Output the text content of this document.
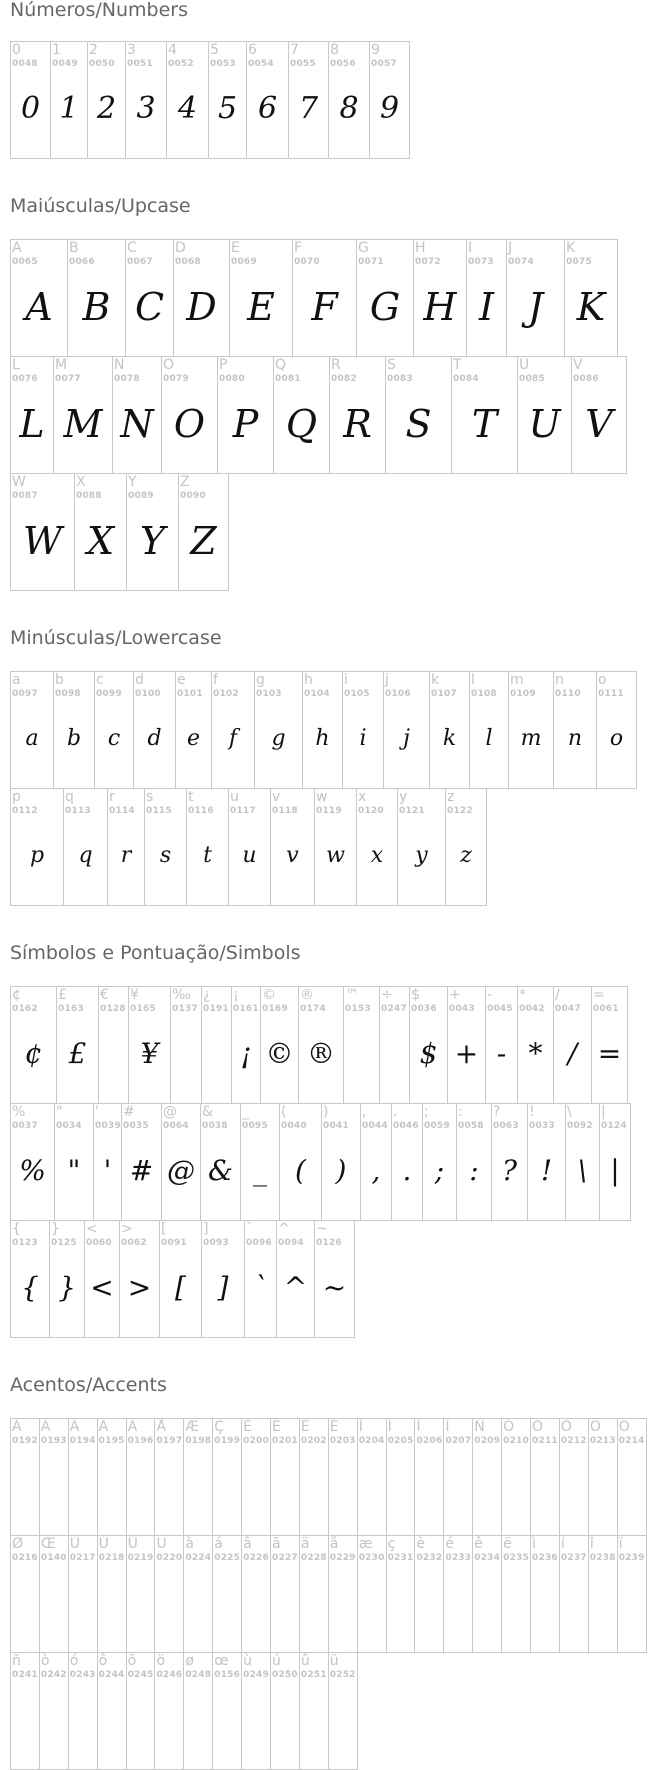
Números/Numbers
0
0048
0
1
0049
1
2
0050
2
3
0051
3
4
0052
4
5
0053
5
6
0054
6
7
0055
7
8
0056
8
9
0057
9
Maiúsculas/Upcase
A
0065
A
B
0066
B
C
0067
C
D
0068
D
E
0069
E
F
0070
F
G
0071
G
H
0072
H
I
0073
I
J
0074
J
K
0075
K
L
0076
L
M
0077
M
N
0078
N
O
0079
O
P
0080
P
Q
0081
Q
R
0082
R
S
0083
S
T
0084
T
U
0085
U
V
0086
V
W
0087
W
X
0088
X
Y
0089
Y
Z
0090
Z
Minúsculas/Lowercase
a
0097
a
b
0098
b
c
0099
c
d
0100
d
e
0101
e
f
0102
f
g
0103
g
h
0104
h
i
0105
i
j
0106
j
k
0107
k
l
0108
l
m
0109
m
n
0110
n
o
0111
o
p
0112
p
q
0113
q
r
0114
r
s
0115
s
t
0116
t
u
0117
u
v
0118
v
w
0119
w
x
0120
x
y
0121
y
z
0122
z
Símbolos e Pontuação/Simbols
¢
0162
¢
£
0163
£
€
0128
¥
0165
¥
‰
0137
¿
0191
¡
0161
¡
©
0169
©
®
0174
®
™
0153
÷
0247
$
0036
$
+
0043
+
-
0045
-
*
0042
*
/
0047
/
=
0061
=
%
0037
%
"
0034
"
'
0039
'
#
0035
#
@
0064
@
&
0038
&
_
0095
_
(
0040
(
)
0041
)
,
0044
,
.
0046
.
;
0059
;
:
0058
:
?
0063
?
!
0033
!
\
0092
\
|
0124
|
{
0123
{
}
0125
}
<
0060
<
>
0062
>
[
0091
[
]
0093
]
`
0096
`
^
0094
^
~
0126
~
Acentos/Accents
À
0192
Á
0193
Â
0194
Ã
0195
Ä
0196
Å
0197
Æ
0198
Ç
0199
È
0200
É
0201
Ê
0202
Ë
0203
Ì
0204
Í
0205
Î
0206
Ï
0207
Ñ
0209
Ò
0210
Ó
0211
Ô
0212
Õ
0213
Ö
0214
Ø
0216
Œ
0140
Ù
0217
Ú
0218
Û
0219
Ü
0220
à
0224
á
0225
â
0226
ã
0227
ä
0228
å
0229
æ
0230
ç
0231
è
0232
é
0233
ê
0234
ë
0235
ì
0236
í
0237
î
0238
ï
0239
ñ
0241
ò
0242
ó
0243
ô
0244
õ
0245
ö
0246
ø
0248
œ
0156
ù
0249
ú
0250
û
0251
ü
0252
